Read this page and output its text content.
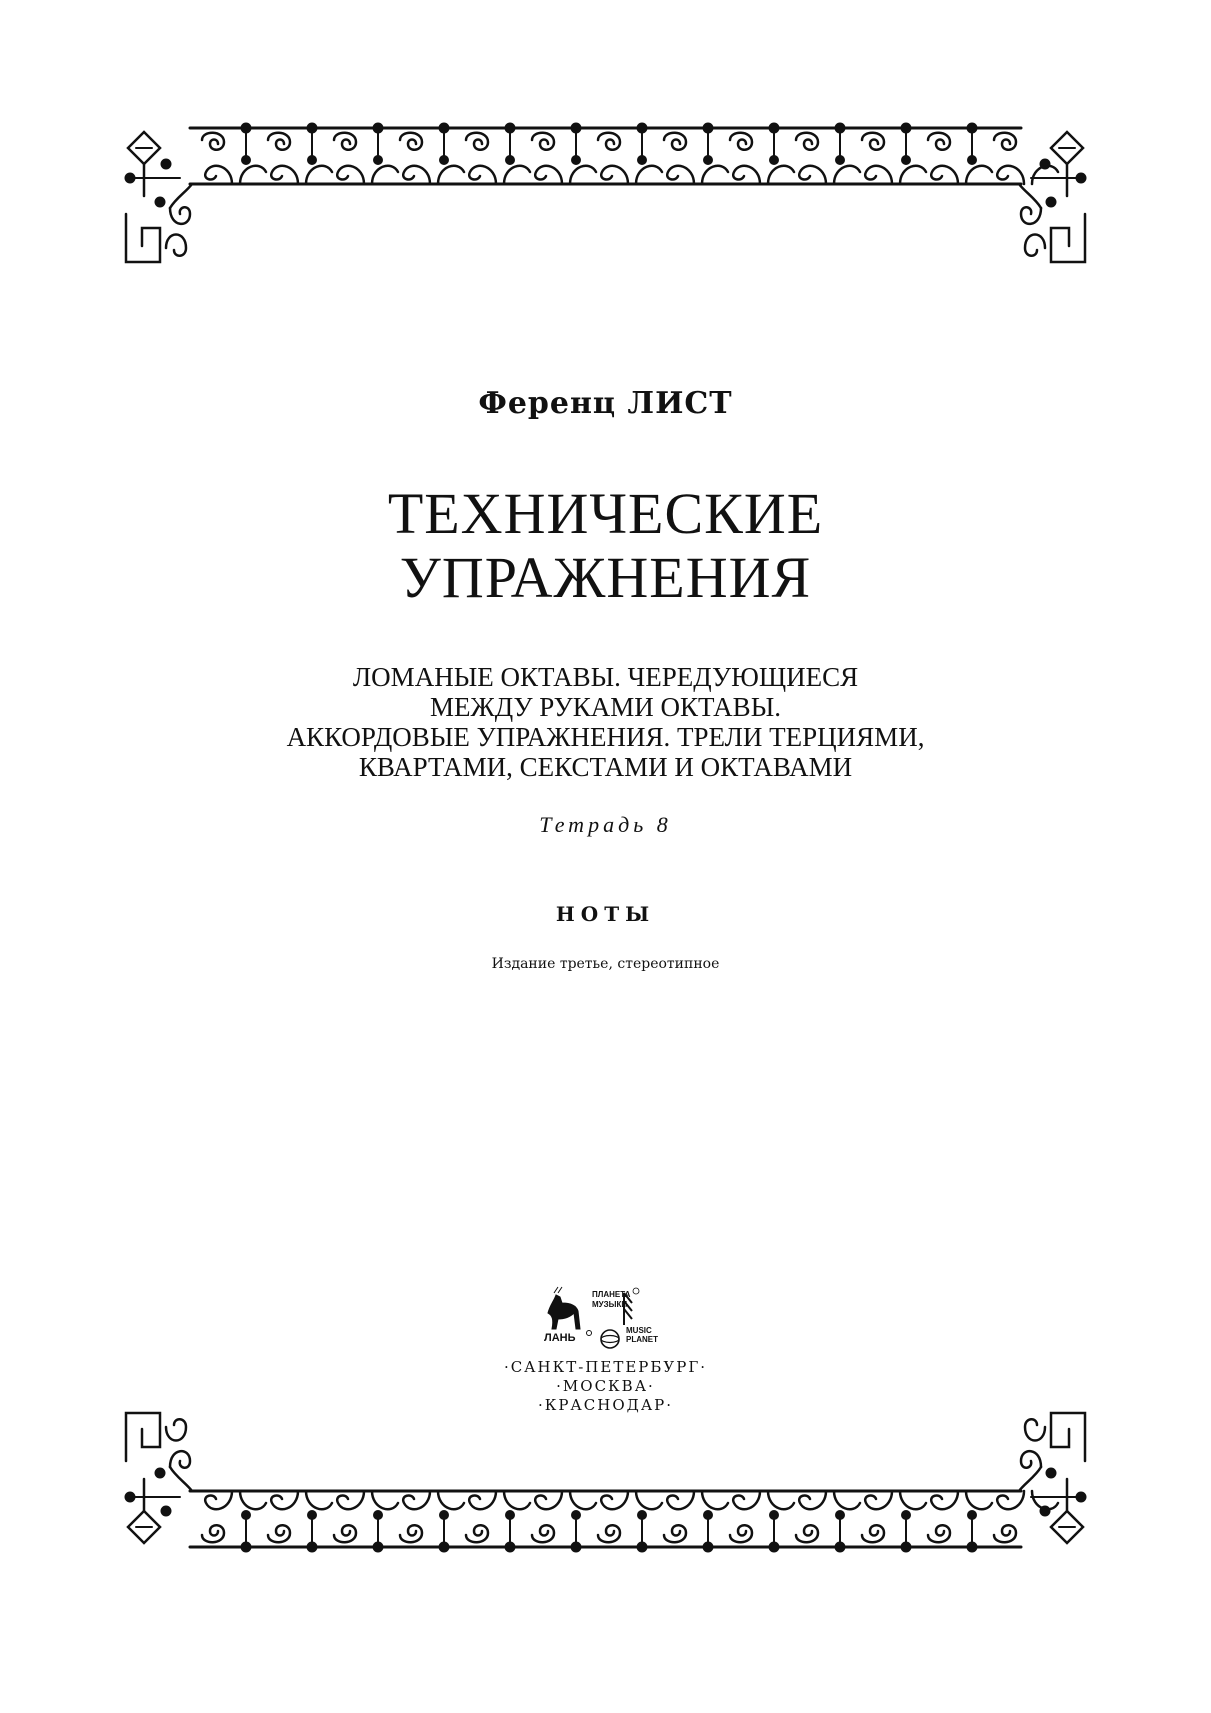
Ференц ЛИСТ
ТЕХНИЧЕСКИЕ
УПРАЖНЕНИЯ
ЛОМАНЫЕ ОКТАВЫ. ЧЕРЕДУЮЩИЕСЯ
МЕЖДУ РУКАМИ ОКТАВЫ.
АККОРДОВЫЕ УПРАЖНЕНИЯ. ТРЕЛИ ТЕРЦИЯМИ,
КВАРТАМИ, СЕКСТАМИ И ОКТАВАМИ
Тетрадь 8
НОТЫ
Издание третье, стереотипное
ЛАНЬ
ПЛАНЕТА
МУЗЫКИ
MUSIC
PLANET
·САНКТ-ПЕТЕРБУРГ·
·МОСКВА·
·КРАСНОДАР·
